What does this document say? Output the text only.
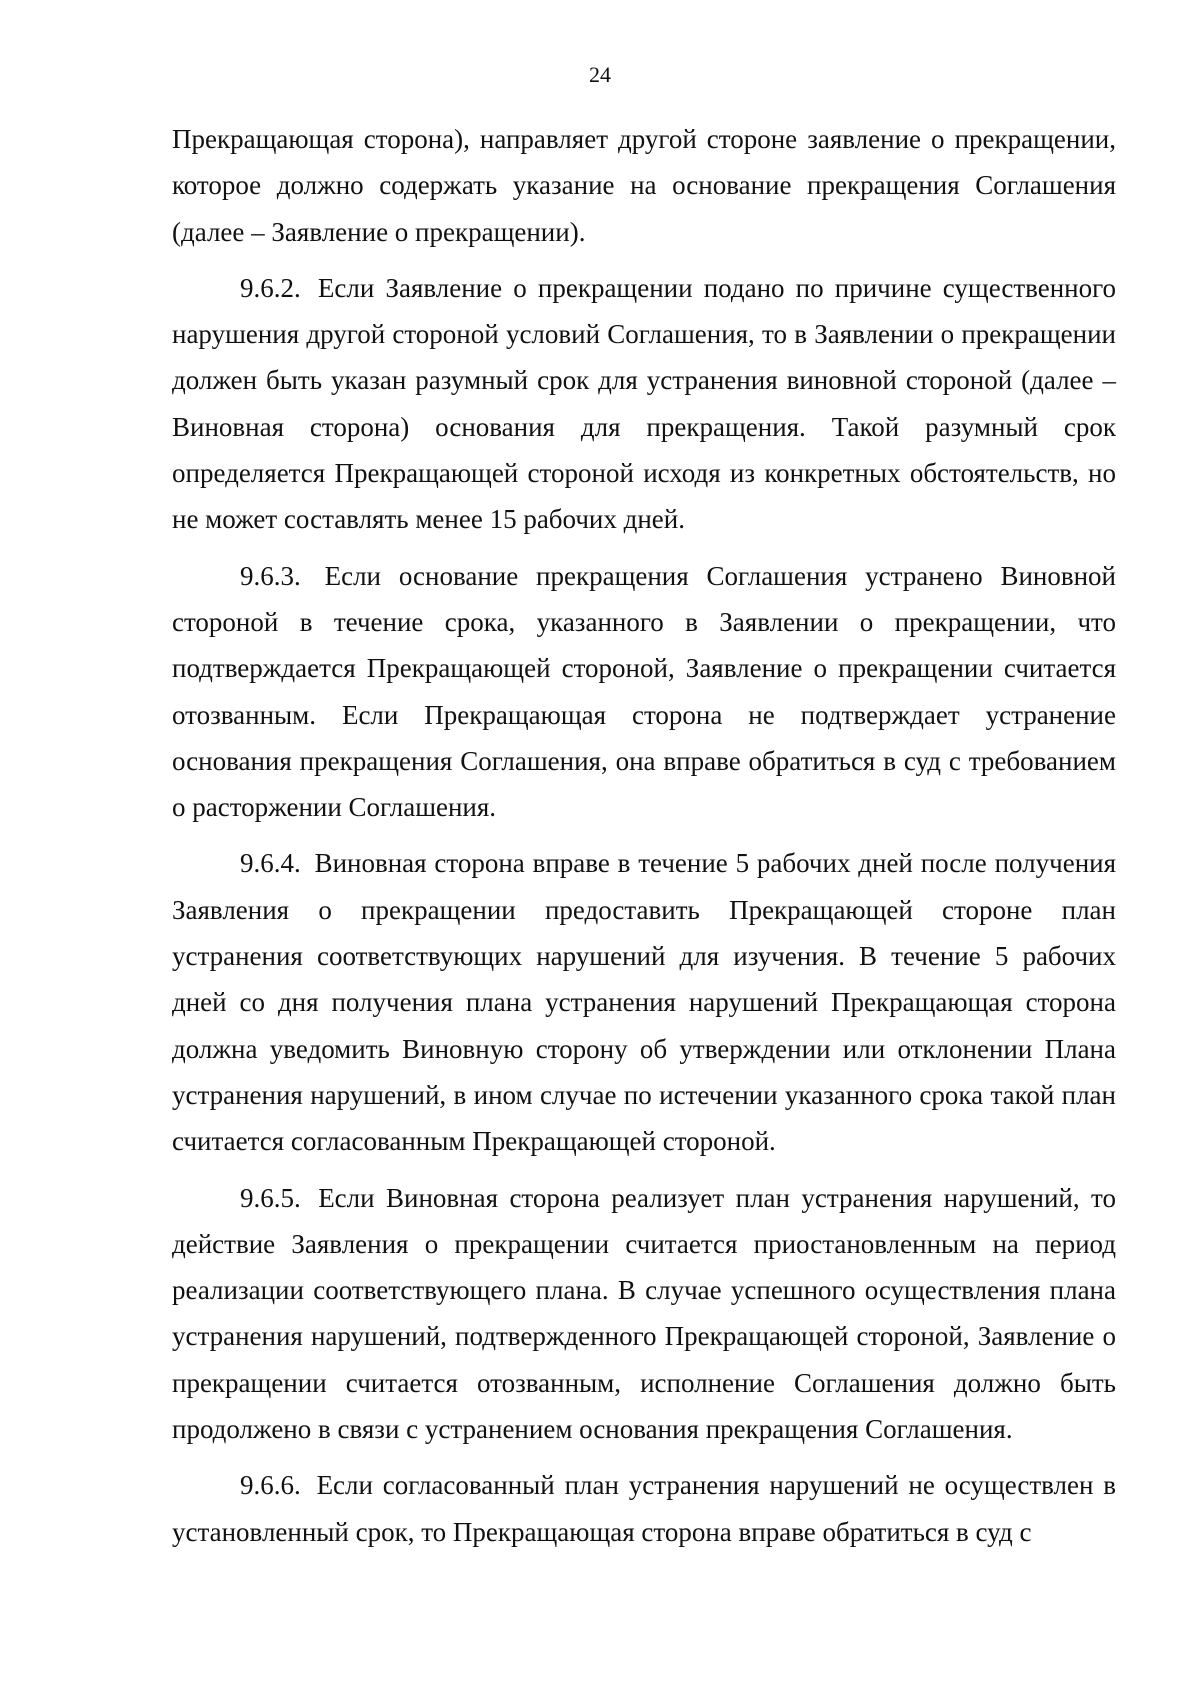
24

Прекращающая сторона), направляет другой стороне заявление о прекращении, которое должно содержать указание на основание прекращения Соглашения (далее – Заявление о прекращении).

9.6.2. Если Заявление о прекращении подано по причине существенного нарушения другой стороной условий Соглашения, то в Заявлении о прекращении должен быть указан разумный срок для устранения виновной стороной (далее – Виновная сторона) основания для прекращения. Такой разумный срок определяется Прекращающей стороной исходя из конкретных обстоятельств, но не может составлять менее 15 рабочих дней.

9.6.3. Если основание прекращения Соглашения устранено Виновной стороной в течение срока, указанного в Заявлении о прекращении, что подтверждается Прекращающей стороной, Заявление о прекращении считается отозванным. Если Прекращающая сторона не подтверждает устранение основания прекращения Соглашения, она вправе обратиться в суд с требованием о расторжении Соглашения.

9.6.4. Виновная сторона вправе в течение 5 рабочих дней после получения Заявления о прекращении предоставить Прекращающей стороне план устранения соответствующих нарушений для изучения. В течение 5 рабочих дней со дня получения плана устранения нарушений Прекращающая сторона должна уведомить Виновную сторону об утверждении или отклонении Плана устранения нарушений, в ином случае по истечении указанного срока такой план считается согласованным Прекращающей стороной.

9.6.5. Если Виновная сторона реализует план устранения нарушений, то действие Заявления о прекращении считается приостановленным на период реализации соответствующего плана. В случае успешного осуществления плана устранения нарушений, подтвержденного Прекращающей стороной, Заявление о прекращении считается отозванным, исполнение Соглашения должно быть продолжено в связи с устранением основания прекращения Соглашения.

9.6.6. Если согласованный план устранения нарушений не осуществлен в установленный срок, то Прекращающая сторона вправе обратиться в суд с
